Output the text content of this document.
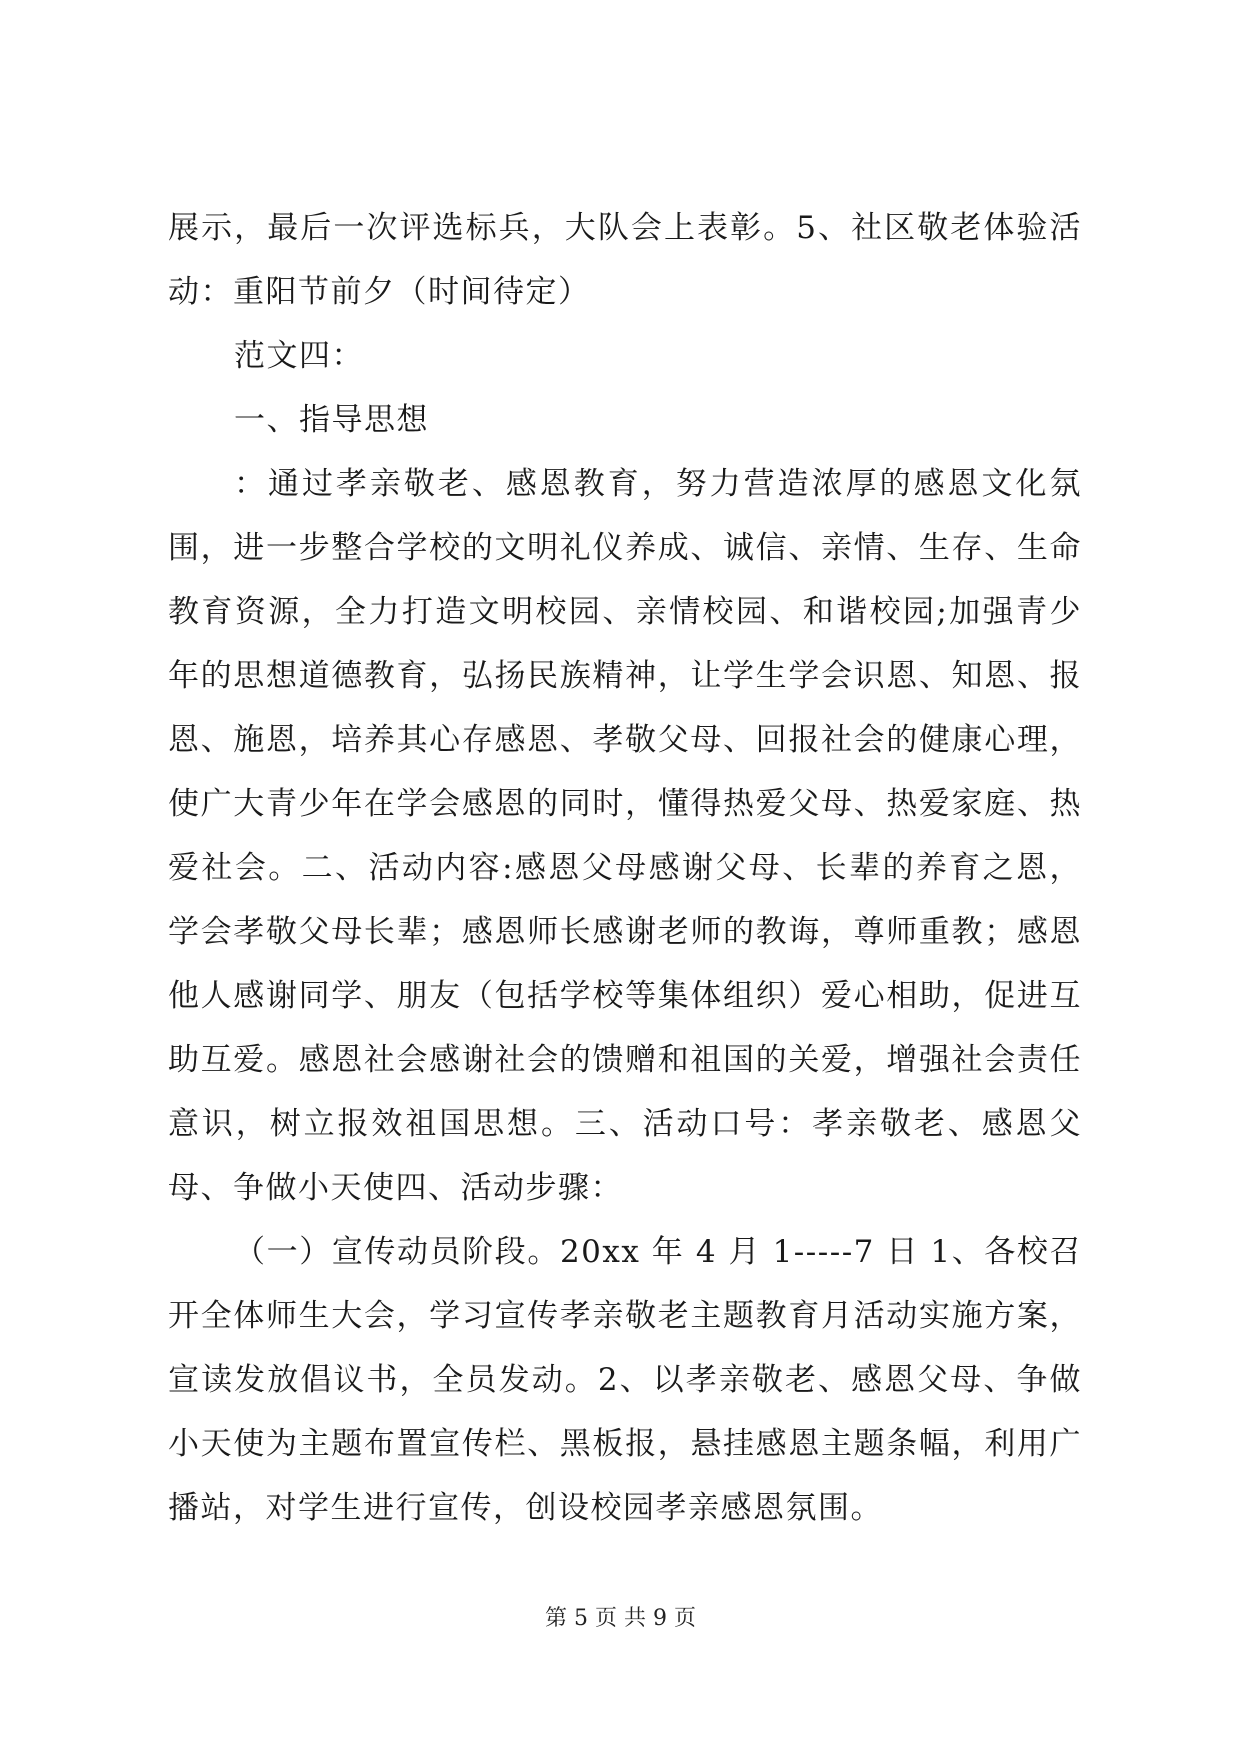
展示，最后一次评选标兵，大队会上表彰。5、社区敬老体验活动：重阳节前夕（时间待定）

范文四：

一、指导思想

：通过孝亲敬老、感恩教育，努力营造浓厚的感恩文化氛围，进一步整合学校的文明礼仪养成、诚信、亲情、生存、生命教育资源，全力打造文明校园、亲情校园、和谐校园;加强青少年的思想道德教育，弘扬民族精神，让学生学会识恩、知恩、报恩、施恩，培养其心存感恩、孝敬父母、回报社会的健康心理，使广大青少年在学会感恩的同时，懂得热爱父母、热爱家庭、热爱社会。二、活动内容:感恩父母感谢父母、长辈的养育之恩，学会孝敬父母长辈；感恩师长感谢老师的教诲，尊师重教；感恩他人感谢同学、朋友（包括学校等集体组织）爱心相助，促进互助互爱。感恩社会感谢社会的馈赠和祖国的关爱，增强社会责任意识，树立报效祖国思想。三、活动口号：孝亲敬老、感恩父母、争做小天使四、活动步骤：

（一）宣传动员阶段。20xx 年 4 月 1-----7 日 1、各校召开全体师生大会，学习宣传孝亲敬老主题教育月活动实施方案，宣读发放倡议书，全员发动。2、以孝亲敬老、感恩父母、争做小天使为主题布置宣传栏、黑板报，悬挂感恩主题条幅，利用广播站，对学生进行宣传，创设校园孝亲感恩氛围。

第 5 页 共 9 页
